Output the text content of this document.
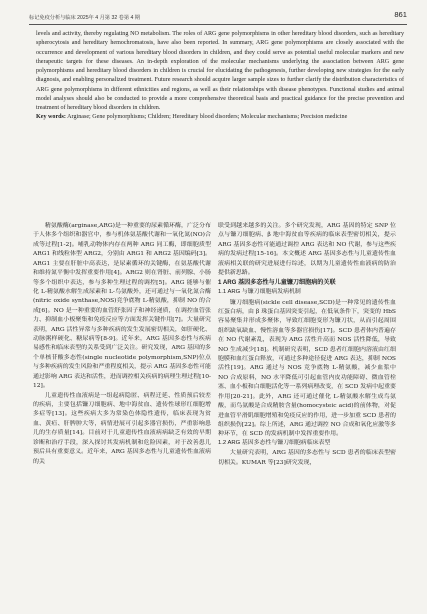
标记免疫分析与临床 2025年 4 月第 32 卷第 4 期	861

levels and activity, thereby regulating NO metabolism. The roles of ARG gene polymorphisms in other hereditary blood disorders, such as hereditary spherocytosis and hereditary hemochromatosis, have also been reported. In summary, ARG gene polymorphisms are closely associated with the occurrence and development of various hereditary blood disorders in children, and they could serve as potential useful molecular markers and new therapeutic targets for these diseases. An in-depth exploration of the molecular mechanisms underlying the association between ARG gene polymorphisms and hereditary blood disorders in children is crucial for elucidating the pathogenesis, further developing new strategies for the early diagnosis, and enabling personalized treatment. Future research should acquire larger sample sizes to further clarify the distribution characteristics of ARG gene polymorphisms in different ethnicities and regions, as well as their relationships with disease phenotypes. Functional studies and animal model analyses should also be conducted to provide a more comprehensive theoretical basis and practical guidance for the precise prevention and treatment of hereditary blood disorders in children.

Key words: Arginase; Gene polymorphisms; Children; Hereditary blood disorders; Molecular mechanisms; Precision medicine

精氨酸酶(arginase,ARG)是一种重要的尿素循环酶，广泛分布于人体多个组织和器官中，参与机体氨基酸代谢和一氧化氮(NO)合成等过程[1-2]。哺乳动物体内存在两种 ARG 同工酶，即细胞质型 ARG1 和线粒体型 ARG2，分别由 ARG1 和 ARG2 基因编码[3]。ARG1 主要在肝脏中高表达，是尿素循环的关键酶，在氨基酸代谢和维持氮平衡中发挥重要作用[4]。ARG2 则在肾脏、前列腺、小肠等多个组织中表达，参与多种生理过程的调控[5]。ARG 能够与催化 L-精氨酸水解生成尿素和 L-鸟氨酸外，还可通过与一氧化氮合酶(nitric oxide synthase,NOS)竞争底物 L-精氨酸，抑制 NO 的合成[6]。NO 是一种重要的血管舒张因子和神经递质，在调控血管张力、抑制血小板聚集和免疫反应等方面发挥关键作用[7]。大量研究表明，ARG 活性异常与多种疾病的发生发展密切相关，如肝硬化、动脉粥样硬化、糖尿病等[8-9]。近年来，ARG 基因多态性与疾病易感性和临床表型的关系受到广泛关注。研究发现，ARG 基因的多个单核苷酸多态性(single nucleotide polymorphism,SNP)位点与多种疾病的发生风险和严重程度相关，提示 ARG 基因多态性可能通过影响 ARG 表达和活性，进而调控相关疾病的病理生理过程[10-12]。

儿童遗传性血液病是一组起病隐匿、病程迁延、性质预后较差的疾病，主要包括镰刀细胞病、地中海贫血、遗传性球形红细胞增多症等[13]。这些疾病大多为常染色体隐性遗传，临床表现为贫血、黄疸、肝脾肿大等，病情进展可引起多器官损伤，严重影响患儿的生存质量[14]。目前对于儿童遗传性血液病病缺乏有效的早期诊断和治疗手段，深入探讨其发病机制和危险因素，对于改善患儿预后具有重要意义。近年来，ARG 基因多态性与儿童遗传性血液病的关

联受到越来越多的关注。多个研究发现，ARG 基因的特定 SNP 位点与镰刀细胞病、β 地中海贫血等疾病的临床表型密切相关，提示 ARG 基因多态性可能通过调控 ARG 表达和 NO 代谢，参与这些疾病的发病过程[15-16]。本文概述 ARG 基因多态性与儿童遗传性血液病相关联的研究进展进行综述，以期为儿童遗传性血液病的防治提供新思路。

1 ARG 基因多态性与儿童镰刀细胞病的关联
1.1 ARG 与镰刀细胞病发病机制

镰刀细胞病(sickle cell disease,SCD)是一种常见的遗传性血红蛋白病，由 β 珠蛋白基因突变引起，在低氧条件下，突变的 HbS 容易聚集并形成多聚体，导致红细胞变形为镰刀状，从而引起周围组织缺氧缺血、慢性溶血等多器官损伤[17]。SCD 患者体内普遍存在 NO 代谢紊乱，表现为 ARG 活性升高而 NOS 活性降低，导致 NO 生成减少[18]。机制研究表明，SCD 患者红细胞内溶液由红细胞膜和血红蛋白释放，可通过多种途径促进 ARG 表达，抑制 NOS 活性[19]。ARG 通过与 NOS 竞争底物 L-精氨酸，减少血浆中 NO 合成原料，NO 水平降低可引起血管内皮功能障碍、微血管栓塞、血小板和白细胞活化等一系列病理改变，在 SCD 发病中起重要作用[20-21]。此外，ARG 还可通过催化 L-精氨酸水解生成鸟氨酸，而鸟氨酸是合成精胺含量(homocysteic acid)的前体物，对促进血管平滑肌细胞增殖和免疫反应的作用，进一步加重 SCD 患者的组织损伤[22]。综上所述，ARG 通过调控 NO 合成和氧化应激等多种环节，在 SCD 的发病机制中发挥重要作用。

1.2 ARG 基因多态性与镰刀细胞病临床表型

大量研究表明，ARG 基因的多态性与 SCD 患者的临床表型密切相关。KUMAR 等[23]研究发现，
